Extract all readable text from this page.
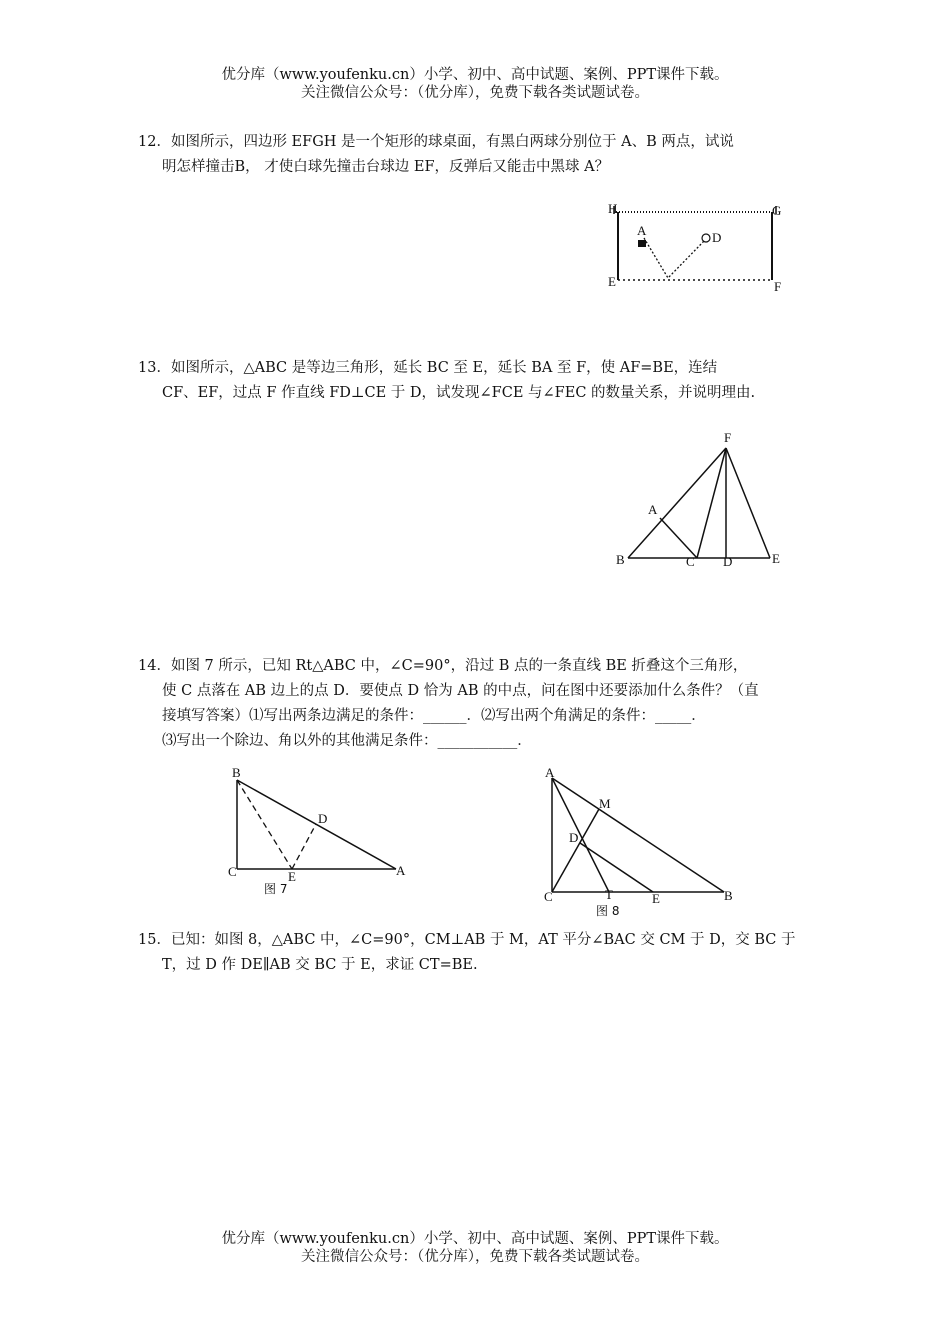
优分库（www.youfenku.cn）小学、初中、高中试题、案例、PPT课件下载。
关注微信公众号：（优分库），免费下载各类试题试卷。
12．如图所示，四边形 EFGH 是一个矩形的球桌面，有黑白两球分别位于 A、B 两点，试说
明怎样撞击B， 才使白球先撞击台球边 EF，反弹后又能击中黑球 A？
H	G
E	F
A	D
13．如图所示，△ABC 是等边三角形，延长 BC 至 E，延长 BA 至 F，使 AF=BE，连结
CF、EF，过点 F 作直线 FD⊥CE 于 D，试发现∠FCE 与∠FEC 的数量关系，并说明理由.
F
A
B	C D	E
14．如图 7 所示，已知 Rt△ABC 中，∠C=90°，沿过 B 点的一条直线 BE 折叠这个三角形，
使 C 点落在 AB 边上的点 D．要使点 D 恰为 AB 的中点，问在图中还要添加什么条件？（直
接填写答案）⑴写出两条边满足的条件：______．⑵写出两个角满足的条件：_____．
⑶写出一个除边、角以外的其他满足条件：___________．
B
D
C	E	A
图 7
A
M
D
C	T	E	B
图 8
15．已知：如图 8，△ABC 中，∠C=90°，CM⊥AB 于 M，AT 平分∠BAC 交 CM 于 D，交 BC 于
T，过 D 作 DE∥AB 交 BC 于 E，求证 CT=BE.
优分库（www.youfenku.cn）小学、初中、高中试题、案例、PPT课件下载。
关注微信公众号：（优分库），免费下载各类试题试卷。
